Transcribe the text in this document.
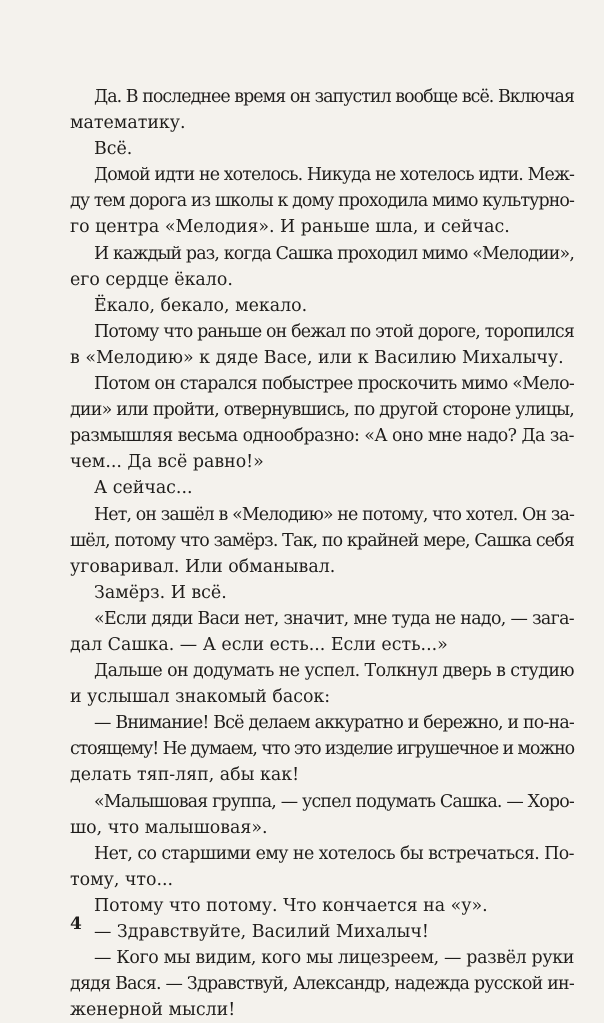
Да. В последнее время он запустил вообще всё. Включая
математику.
Всё.
Домой идти не хотелось. Никуда не хотелось идти. Меж-
ду тем дорога из школы к дому проходила мимо культурно-
го центра «Мелодия». И раньше шла, и сейчас.
И каждый раз, когда Сашка проходил мимо «Мелодии»,
его сердце ёкало.
Ёкало, бекало, мекало.
Потому что раньше он бежал по этой дороге, торопился
в «Мелодию» к дяде Васе, или к Василию Михалычу.
Потом он старался побыстрее проскочить мимо «Мело-
дии» или пройти, отвернувшись, по другой стороне улицы,
размышляя весьма однообразно: «А оно мне надо? Да за-
чем... Да всё равно!»
А сейчас...
Нет, он зашёл в «Мелодию» не потому, что хотел. Он за-
шёл, потому что замёрз. Так, по крайней мере, Сашка себя
уговаривал. Или обманывал.
Замёрз. И всё.
«Если дяди Васи нет, значит, мне туда не надо, — зага-
дал Сашка. — А если есть... Если есть...»
Дальше он додумать не успел. Толкнул дверь в студию
и услышал знакомый басок:
— Внимание! Всё делаем аккуратно и бережно, и по-на-
стоящему! Не думаем, что это изделие игрушечное и можно
делать тяп-ляп, абы как!
«Малышовая группа, — успел подумать Сашка. — Хоро-
шо, что малышовая».
Нет, со старшими ему не хотелось бы встречаться. По-
тому, что...
Потому что потому. Что кончается на «у».
— Здравствуйте, Василий Михалыч!
— Кого мы видим, кого мы лицезреем, — развёл руки
дядя Вася. — Здравствуй, Александр, надежда русской ин-
женерной мысли!
4
